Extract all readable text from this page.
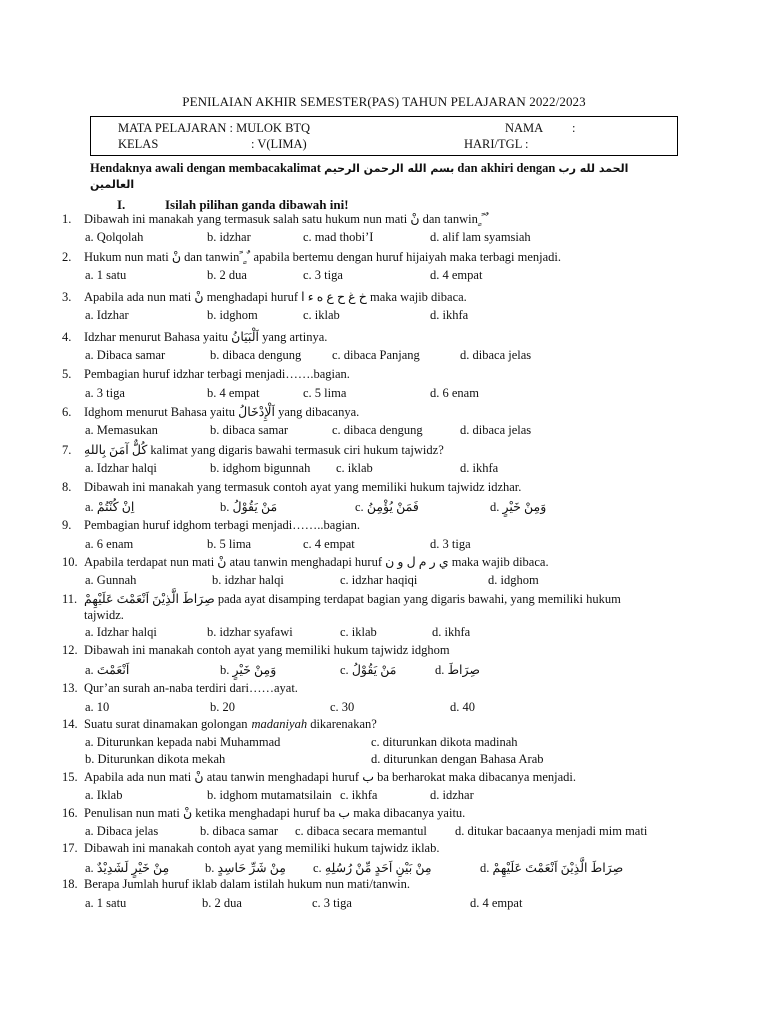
PENILAIAN AKHIR SEMESTER(PAS) TAHUN PELAJARAN 2022/2023
MATA PELAJARAN : MULOK BTQ	NAMA :
KELAS	: V(LIMA)	HARI/TGL :
Hendaknya awali dengan membacakalimat بسم الله الرحمن الرحيم dan akhiri dengan الحمد لله رب
العالمين
I.	Isilah pilihan ganda dibawah ini!
1. Dibawah ini manakah yang termasuk salah satu hukum nun mati نْ dan tanwin ٍ ً ٌ
a. Qolqolah	b. idzhar	c. mad thobi’I	d. alif lam syamsiah
2. Hukum nun mati نْ dan tanwin ً ٍ ٌ apabila bertemu dengan huruf hijaiyah maka terbagi menjadi.
a. 1 satu	b. 2 dua	c. 3 tiga	d. 4 empat
3. Apabila ada nun mati نْ menghadapi huruf خ غ ح ع ه ء ا maka wajib dibaca.
a. Idzhar	b. idghom	c. iklab	d. ikhfa
4. Idzhar menurut Bahasa yaitu اَلْبَيَانُ yang artinya.
a. Dibaca samar	b. dibaca dengung c. dibaca Panjang	d. dibaca jelas
5. Pembagian huruf idzhar terbagi menjadi…….bagian.
a. 3 tiga	b. 4 empat	c. 5 lima	d. 6 enam
6. Idghom menurut Bahasa yaitu اَلْإِدْخَالُ yang dibacanya.
a. Memasukan	b. dibaca samar	c. dibaca dengung	d. dibaca jelas
7. كُلٌّ آمَنَ بِاللهِ kalimat yang digaris bawahi termasuk ciri hukum tajwidz?
a. Idzhar halqi	b. idghom bigunnah c. iklab	d. ikhfa
8. Dibawah ini manakah yang termasuk contoh ayat yang memiliki hukum tajwidz idzhar.
a. اِنْ كُنْتُمْ	b. مَنْ يَقُوْلُ	c. فَمَنْ يُؤْمِنُ	d. وَمِنْ خَيْرٍ
9. Pembagian huruf idghom terbagi menjadi……..bagian.
a. 6 enam	b. 5 lima	c. 4 empat	d. 3 tiga
10. Apabila terdapat nun mati نْ atau tanwin menghadapi huruf ي ر م ل و ن maka wajib dibaca.
a. Gunnah	b. idzhar halqi	c. idzhar haqiqi	d. idghom
11. صِرَاطَ الَّذِيْنَ اَنْعَمْتَ عَلَيْهِمْ pada ayat disamping terdapat bagian yang digaris bawahi, yang memiliki hukum
tajwidz.
a. Idzhar halqi	b. idzhar syafawi	c. iklab	d. ikhfa
12. Dibawah ini manakah contoh ayat yang memiliki hukum tajwidz idghom
a. اَنْعَمْتَ	b. وَمِنْ خَيْرٍ	c. مَنْ يَقُوْلُ	d. صِرَاطَ
13. Qur’an surah an-naba terdiri dari……ayat.
a. 10	b. 20	c. 30	d. 40
14. Suatu surat dinamakan golongan madaniyah dikarenakan?
a. Diturunkan kepada nabi Muhammad	c. diturunkan dikota madinah
b. Diturunkan dikota mekah	d. diturunkan dengan Bahasa Arab
15. Apabila ada nun mati نْ atau tanwin menghadapi huruf ب ba berharokat maka dibacanya menjadi.
a. Iklab	b. idghom mutamatsilain c. ikhfa	d. idzhar
16. Penulisan nun mati نْ ketika menghadapi huruf ba ب maka dibacanya yaitu.
a. Dibaca jelas	b. dibaca samar c. dibaca secara memantul d. ditukar bacaanya menjadi mim mati
17. Dibawah ini manakah contoh ayat yang memiliki hukum tajwidz iklab.
a. مِنْ خَيْرٍ لَشَدِيْدٌ	b. مِنْ شَرِّ حَاسِدٍ c. مِنْ بَيْنِ اَحَدٍ مِّنْ رُسُلِهِ	d. صِرَاطَ الَّذِيْنَ اَنْعَمْتَ عَلَيْهِمْ
18. Berapa Jumlah huruf iklab dalam istilah hukum nun mati/tanwin.
a. 1 satu	b. 2 dua	c. 3 tiga	d. 4 empat
